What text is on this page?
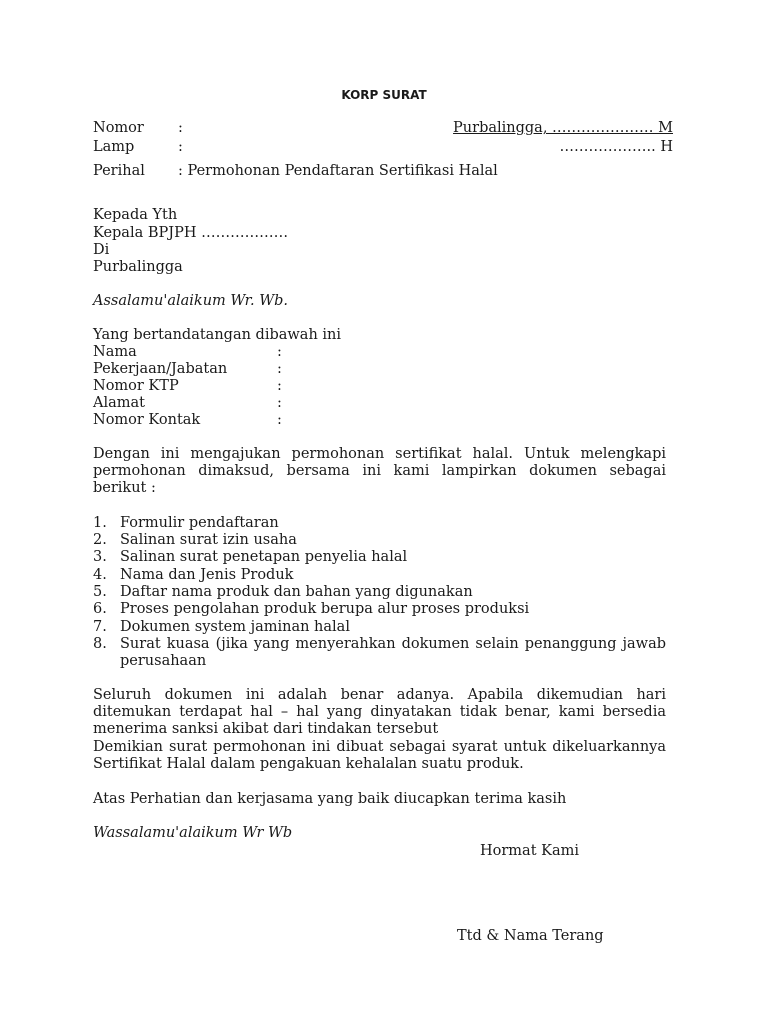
KORP SURAT
Nomor :	Purbalingga, ………………… M
Lamp	:	……………….. H
Perihal : Permohonan Pendaftaran Sertifikasi Halal
Kepada Yth
Kepala BPJPH ………………
Di
Purbalingga
Assalamu'alaikum Wr. Wb.
Yang bertandatangan dibawah ini
Nama	:
Pekerjaan/Jabatan	:
Nomor KTP	:
Alamat	:
Nomor Kontak	:
Dengan ini mengajukan permohonan sertifikat halal. Untuk melengkapi permohonan dimaksud, bersama ini kami lampirkan dokumen sebagai berikut :
1. Formulir pendaftaran
2. Salinan surat izin usaha
3. Salinan surat penetapan penyelia halal
4. Nama dan Jenis Produk
5. Daftar nama produk dan bahan yang digunakan
6. Proses pengolahan produk berupa alur proses produksi
7. Dokumen system jaminan halal
8. Surat kuasa (jika yang menyerahkan dokumen selain penanggung jawab perusahaan
Seluruh dokumen ini adalah benar adanya. Apabila dikemudian hari ditemukan terdapat hal – hal yang dinyatakan tidak benar, kami bersedia menerima sanksi akibat dari tindakan tersebut
Demikian surat permohonan ini dibuat sebagai syarat untuk dikeluarkannya Sertifikat Halal dalam pengakuan kehalalan suatu produk.
Atas Perhatian dan kerjasama yang baik diucapkan terima kasih
Wassalamu'alaikum Wr Wb
Hormat Kami
Ttd & Nama Terang
